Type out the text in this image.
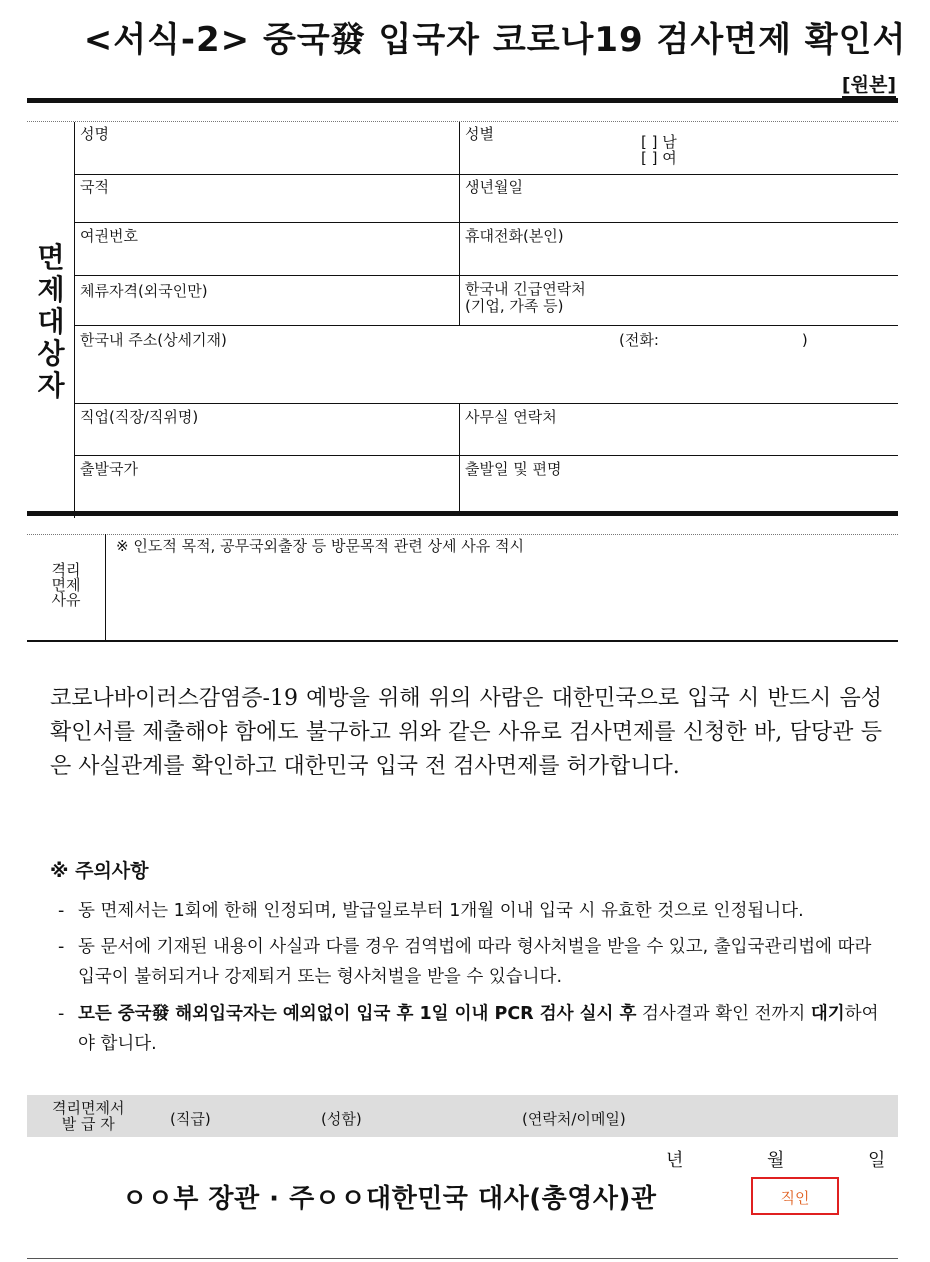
<서식-2> 중국發 입국자 코로나19 검사면제 확인서
[원본]
면
제
대
상
자
성명	성별	[ ] 남
[ ] 여
국적	생년월일
여권번호	휴대전화(본인)
체류자격(외국인만)	한국내 긴급연락처
(기업, 가족 등)
한국내 주소(상세기재)	(전화:                              )
직업(직장/직위명)	사무실 연락처
출발국가	출발일 및 편명
격리
면제
사유
※ 인도적 목적, 공무국외출장 등 방문목적 관련 상세 사유 적시
코로나바이러스감염증-19 예방을 위해 위의 사람은 대한민국으로 입국 시 반드시 음성확인서를 제출해야 함에도 불구하고 위와 같은 사유로 검사면제를 신청한 바, 담당관 등은 사실관계를 확인하고 대한민국 입국 전 검사면제를 허가합니다.
※ 주의사항
- 동 면제서는 1회에 한해 인정되며, 발급일로부터 1개월 이내 입국 시 유효한 것으로 인정됩니다.
- 동 문서에 기재된 내용이 사실과 다를 경우 검역법에 따라 형사처벌을 받을 수 있고, 출입국관리법에 따라 입국이 불허되거나 강제퇴거 또는 형사처벌을 받을 수 있습니다.
- 모든 중국發 해외입국자는 예외없이 입국 후 1일 이내 PCR 검사 실시 후 검사결과 확인 전까지 대기하여야 합니다.
격리면제서
발 급 자	(직급)	(성함)	(연락처/이메일)
년	월	일
ㅇㅇ부 장관 · 주ㅇㅇ대한민국 대사(총영사)관	직인
